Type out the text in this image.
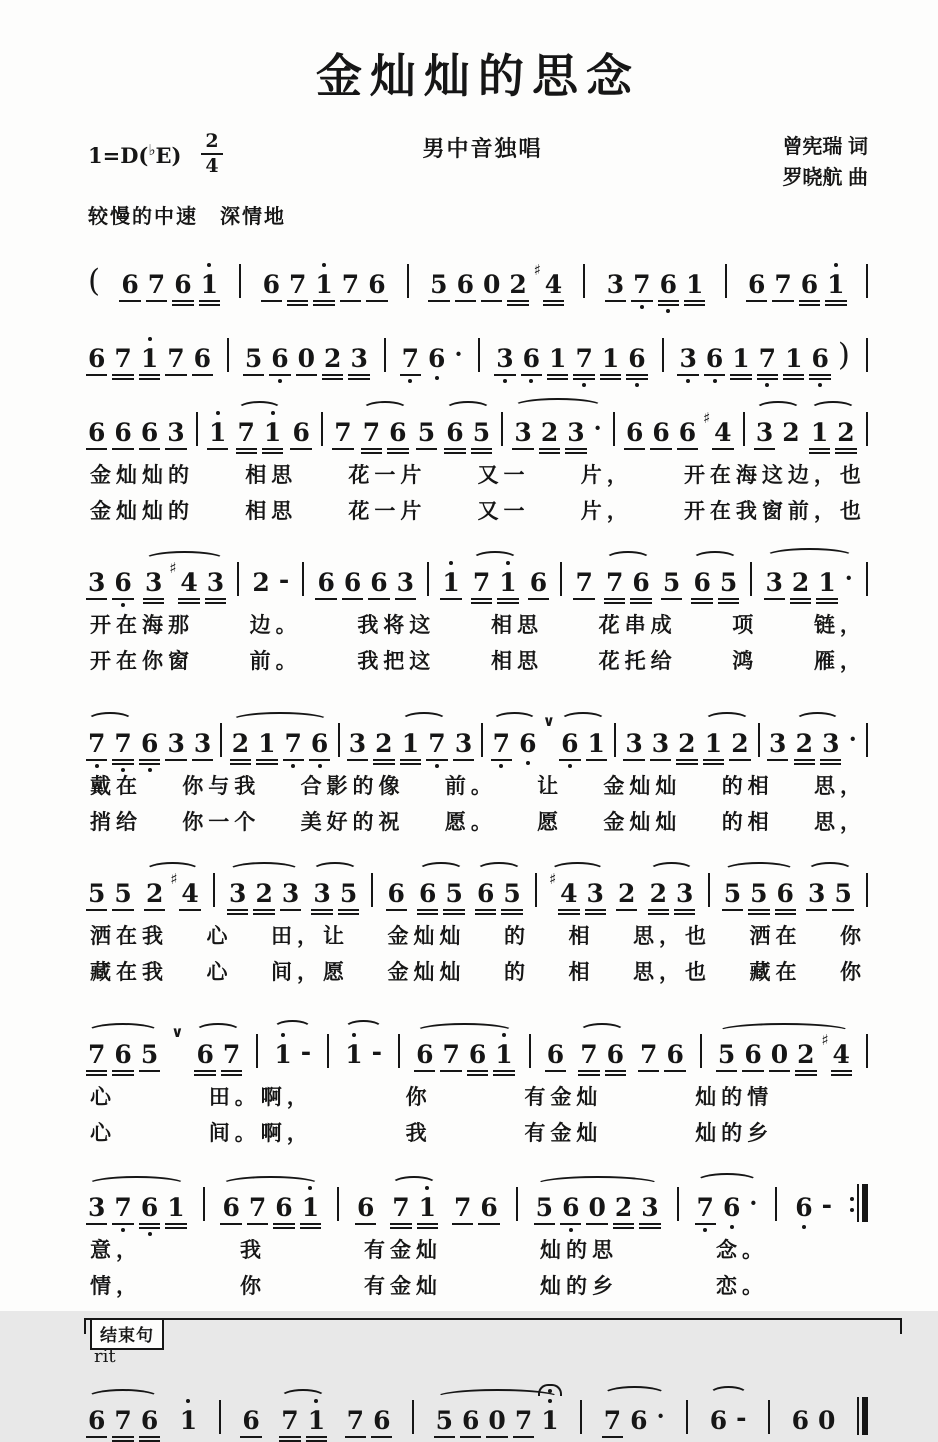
金灿灿的思念
1=D(♭E)
2
4
男中音独唱	曾宪瑞 词
罗晓航 曲
较慢的中速　深情地
( 6 7 6 1 6 7 1 7 6 5 6 0 2 ♯ 4 3 7 6 1 6 7 6 1
6 7 1 7 6 5 6 0 2 3 7 6 · 3 6 1 7 1 6 3 6 1 7 1 6 )
6 6 6 3 1 7 1 6 7 7 6 5 6 5 3 2 3 · 6 6 6 ♯ 4 3 2 1 2
金灿灿的 相思 花一片 又一 片， 开在海这边，也
金灿灿的 相思 花一片 又一 片， 开在我窗前，也
3 6 3 ♯ 4 3 2 - 6 6 6 3 1 7 1 6 7 7 6 5 6 5 3 2 1 ·
开在海那	边。	我将这	相思	花串成	项	链，
开在你窗	前。	我把这	相思	花托给	鸿	雁，
7 7 6 3 3 2 1 7 6 3 2 1 7 3 7 6
∨
6 1 3 3 2 1 2 3 2 3 ·
戴在 你与我 合影的像 前。 让 金灿灿 的相 思，
捎给 你一个 美好的祝 愿。 愿 金灿灿 的相 思，
5 5 2 ♯ 4 3 2 3 3 5 6 6 5 6 5 ♯ 4 3 2 2 3 5 5 6 3 5
洒在我 心 田，让 金灿灿 的 相 思，也 洒在 你
藏在我 心 间，愿 金灿灿 的 相 思，也 藏在 你
7 6 5
∨
6 7 1 - 1 - 6 7 6 1 6 7 6 7 6 5 6 0 2 ♯ 4
心	田。啊，	你	有金灿	灿的情
心	间。啊，	我	有金灿	灿的乡
3 7 6 1 6 7 6 1 6 7 1 7 6 5 6 0 2 3 7 6 · 6 -
意，	我	有金灿	灿的思	念。
情，	你	有金灿	灿的乡	恋。
结束句
rit
6 7 6 1 6 7 1 7 6 5 6 0 7 1 7 6 · 6 - 6 0
